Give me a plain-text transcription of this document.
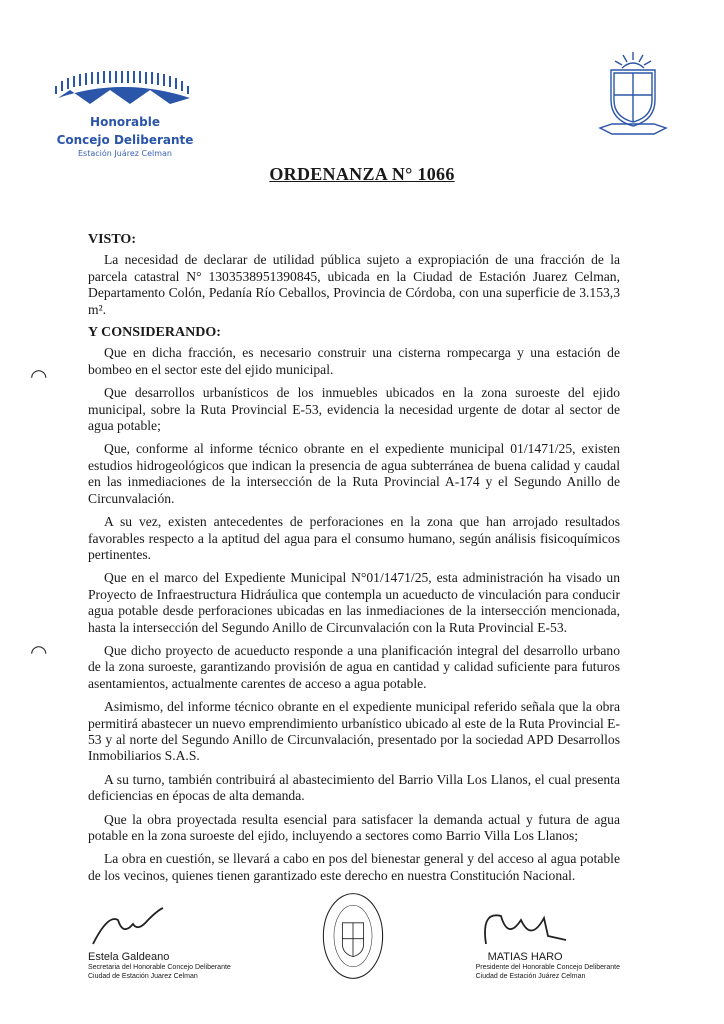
Honorable
Concejo Deliberante
Estación Juárez Celman
ORDENANZA N° 1066
◠
◠
VISTO:

La necesidad de declarar de utilidad pública sujeto a expropiación de una fracción de la parcela catastral N° 1303538951390845, ubicada en la Ciudad de Estación Juarez Celman, Departamento Colón, Pedanía Río Ceballos, Provincia de Córdoba, con una superficie de 3.153,3 m².

Y CONSIDERANDO:

Que en dicha fracción, es necesario construir una cisterna rompecarga y una estación de bombeo en el sector este del ejido municipal.

Que desarrollos urbanísticos de los inmuebles ubicados en la zona suroeste del ejido municipal, sobre la Ruta Provincial E-53, evidencia la necesidad urgente de dotar al sector de agua potable;

Que, conforme al informe técnico obrante en el expediente municipal 01/1471/25, existen estudios hidrogeológicos que indican la presencia de agua subterránea de buena calidad y caudal en las inmediaciones de la intersección de la Ruta Provincial A-174 y el Segundo Anillo de Circunvalación.

A su vez, existen antecedentes de perforaciones en la zona que han arrojado resultados favorables respecto a la aptitud del agua para el consumo humano, según análisis fisicoquímicos pertinentes.

Que en el marco del Expediente Municipal N°01/1471/25, esta administración ha visado un Proyecto de Infraestructura Hidráulica que contempla un acueducto de vinculación para conducir agua potable desde perforaciones ubicadas en las inmediaciones de la intersección mencionada, hasta la intersección del Segundo Anillo de Circunvalación con la Ruta Provincial E-53.

Que dicho proyecto de acueducto responde a una planificación integral del desarrollo urbano de la zona suroeste, garantizando provisión de agua en cantidad y calidad suficiente para futuros asentamientos, actualmente carentes de acceso a agua potable.

Asimismo, del informe técnico obrante en el expediente municipal referido señala que la obra permitirá abastecer un nuevo emprendimiento urbanístico ubicado al este de la Ruta Provincial E-53 y al norte del Segundo Anillo de Circunvalación, presentado por la sociedad APD Desarrollos Inmobiliarios S.A.S.

A su turno, también contribuirá al abastecimiento del Barrio Villa Los Llanos, el cual presenta deficiencias en épocas de alta demanda.

Que la obra proyectada resulta esencial para satisfacer la demanda actual y futura de agua potable en la zona suroeste del ejido, incluyendo a sectores como Barrio Villa Los Llanos;

La obra en cuestión, se llevará a cabo en pos del bienestar general y del acceso al agua potable de los vecinos, quienes tienen garantizado este derecho en nuestra Constitución Nacional.

Estela Galdeano
Secretaria del Honorable Concejo Deliberante
Ciudad de Estación Juarez Celman
MATIAS HARO
Presidente del Honorable Concejo Deliberante
Ciudad de Estación Juárez Celman
